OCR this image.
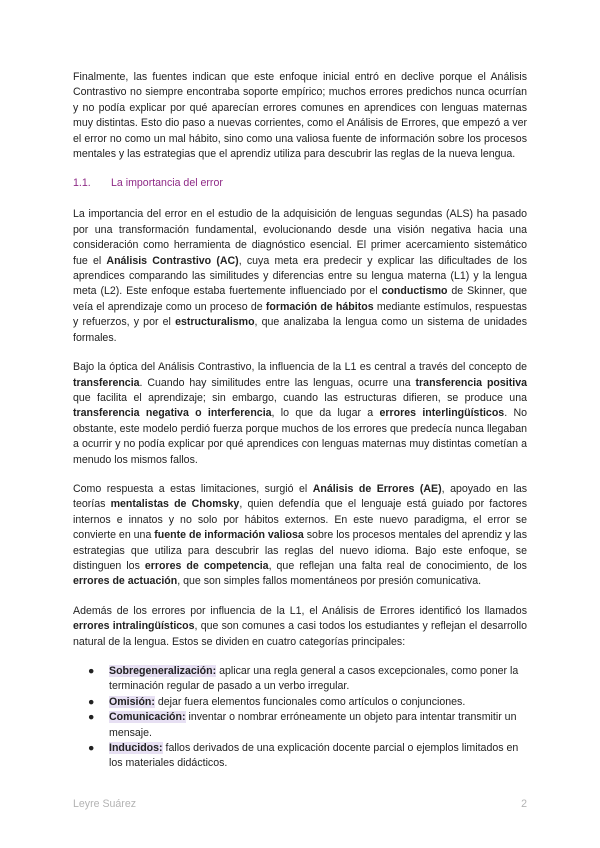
Finalmente, las fuentes indican que este enfoque inicial entró en declive porque el Análisis Contrastivo no siempre encontraba soporte empírico; muchos errores predichos nunca ocurrían y no podía explicar por qué aparecían errores comunes en aprendices con lenguas maternas muy distintas. Esto dio paso a nuevas corrientes, como el Análisis de Errores, que empezó a ver el error no como un mal hábito, sino como una valiosa fuente de información sobre los procesos mentales y las estrategias que el aprendiz utiliza para descubrir las reglas de la nueva lengua.

1.1.	La importancia del error

La importancia del error en el estudio de la adquisición de lenguas segundas (ALS) ha pasado por una transformación fundamental, evolucionando desde una visión negativa hacia una consideración como herramienta de diagnóstico esencial. El primer acercamiento sistemático fue el Análisis Contrastivo (AC), cuya meta era predecir y explicar las dificultades de los aprendices comparando las similitudes y diferencias entre su lengua materna (L1) y la lengua meta (L2). Este enfoque estaba fuertemente influenciado por el conductismo de Skinner, que veía el aprendizaje como un proceso de formación de hábitos mediante estímulos, respuestas y refuerzos, y por el estructuralismo, que analizaba la lengua como un sistema de unidades formales.

Bajo la óptica del Análisis Contrastivo, la influencia de la L1 es central a través del concepto de transferencia. Cuando hay similitudes entre las lenguas, ocurre una transferencia positiva que facilita el aprendizaje; sin embargo, cuando las estructuras difieren, se produce una transferencia negativa o interferencia, lo que da lugar a errores interlingüísticos. No obstante, este modelo perdió fuerza porque muchos de los errores que predecía nunca llegaban a ocurrir y no podía explicar por qué aprendices con lenguas maternas muy distintas cometían a menudo los mismos fallos.

Como respuesta a estas limitaciones, surgió el Análisis de Errores (AE), apoyado en las teorías mentalistas de Chomsky, quien defendía que el lenguaje está guiado por factores internos e innatos y no solo por hábitos externos. En este nuevo paradigma, el error se convierte en una fuente de información valiosa sobre los procesos mentales del aprendiz y las estrategias que utiliza para descubrir las reglas del nuevo idioma. Bajo este enfoque, se distinguen los errores de competencia, que reflejan una falta real de conocimiento, de los errores de actuación, que son simples fallos momentáneos por presión comunicativa.

Además de los errores por influencia de la L1, el Análisis de Errores identificó los llamados errores intralingüísticos, que son comunes a casi todos los estudiantes y reflejan el desarrollo natural de la lengua. Estos se dividen en cuatro categorías principales:

● Sobregeneralización: aplicar una regla general a casos excepcionales, como poner la terminación regular de pasado a un verbo irregular.
● Omisión: dejar fuera elementos funcionales como artículos o conjunciones.
● Comunicación: inventar o nombrar erróneamente un objeto para intentar transmitir un mensaje.
● Inducidos: fallos derivados de una explicación docente parcial o ejemplos limitados en los materiales didácticos.
Leyre Suárez	2
